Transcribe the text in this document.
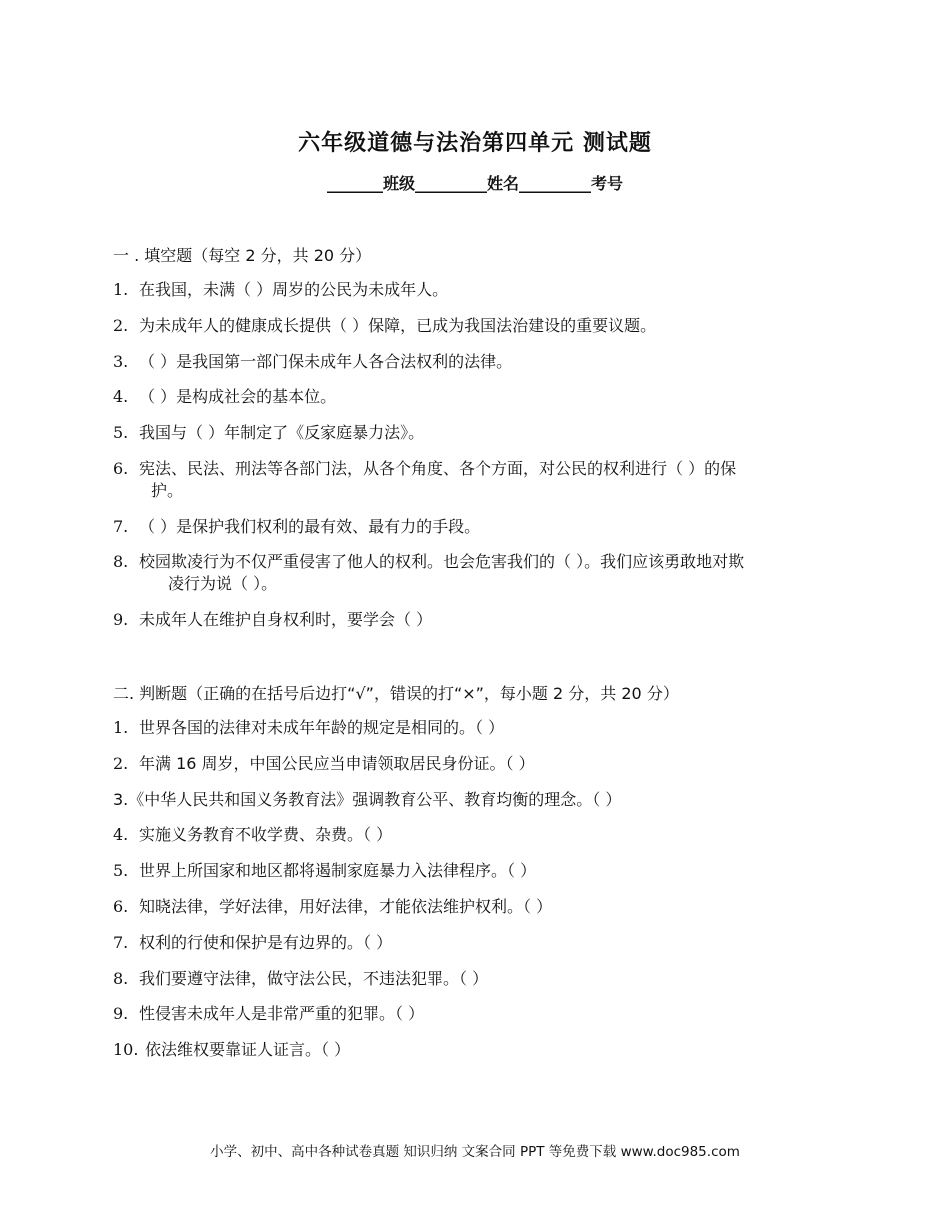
六年级道德与法治第四单元 测试题
_______班级_________姓名_________考号
一 . 填空题（每空 2 分，共 20 分）
1. 在我国，未满（ ）周岁的公民为未成年人。
2. 为未成年人的健康成长提供（ ）保障，已成为我国法治建设的重要议题。
3. （ ）是我国第一部门保未成年人各合法权利的法律。
4. （ ）是构成社会的基本位。
5. 我国与（ ）年制定了《反家庭暴力法》。
6. 宪法、民法、刑法等各部门法，从各个角度、各个方面，对公民的权利进行（ ）的保
护。
7. （ ）是保护我们权利的最有效、最有力的手段。
8. 校园欺凌行为不仅严重侵害了他人的权利。也会危害我们的（ ）。我们应该勇敢地对欺
凌行为说（ ）。
9. 未成年人在维护自身权利时，要学会（ ）
二. 判断题（正确的在括号后边打“√”，错误的打“×”，每小题 2 分，共 20 分）
1. 世界各国的法律对未成年年龄的规定是相同的。（ ）
2. 年满 16 周岁，中国公民应当申请领取居民身份证。（ ）
3.《中华人民共和国义务教育法》强调教育公平、教育均衡的理念。（ ）
4. 实施义务教育不收学费、杂费。（ ）
5. 世界上所国家和地区都将遏制家庭暴力入法律程序。（ ）
6. 知晓法律，学好法律，用好法律，才能依法维护权利。（ ）
7. 权利的行使和保护是有边界的。（ ）
8. 我们要遵守法律，做守法公民，不违法犯罪。（ ）
9. 性侵害未成年人是非常严重的犯罪。（ ）
10. 依法维权要靠证人证言。（ ）
小学、初中、高中各种试卷真题 知识归纳 文案合同 PPT 等免费下载 www.doc985.com
